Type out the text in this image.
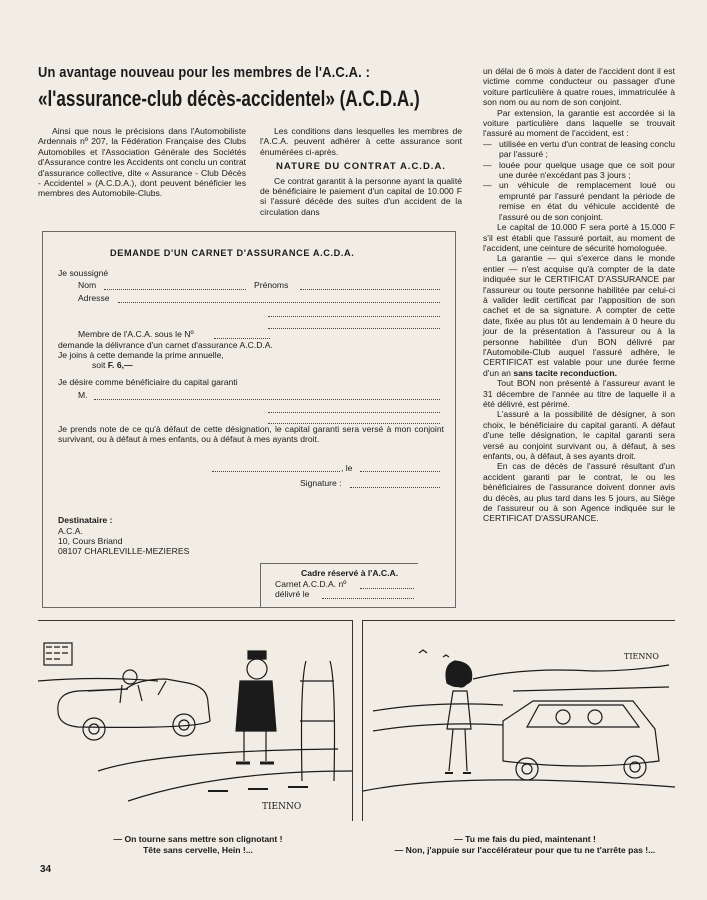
Un avantage nouveau pour les membres de l'A.C.A. :
«l'assurance-club décès-accidentel» (A.C.D.A.)

Ainsi que nous le précisions dans l'Automobiliste Ardennais nº 207, la Fédération Française des Clubs Automobiles et l'Association Générale des Sociétés d'Assurance contre les Accidents ont conclu un contrat d'assurance collective, dite « Assurance - Club Décès - Accidentel » (A.C.D.A.), dont peuvent bénéficier les membres des Automobile-Clubs.

Les conditions dans lesquelles les membres de l'A.C.A. peuvent adhérer à cette assurance sont énumérées ci-après.

NATURE DU CONTRAT A.C.D.A.

Ce contrat garantit à la personne ayant la qualité de bénéficiaire le paiement d'un capital de 10.000 F si l'assuré décède des suites d'un accident de la circulation dans

DEMANDE D'UN CARNET D'ASSURANCE A.C.D.A.
Je soussigné
Nom	Prénoms
Adresse
Membre de l'A.C.A. sous le Nº
demande la délivrance d'un carnet d'assurance A.C.D.A.
Je joins à cette demande la prime annuelle,
soit F. 6,—
Je désire comme bénéficiaire du capital garanti
M.
Je prends note de ce qu'à défaut de cette désignation, le capital garanti sera versé à mon conjoint survivant, ou à défaut à mes enfants, ou à défaut à mes ayants droit.
, le
Signature :
Destinataire :
A.C.A.
10, Cours Briand
08107 CHARLEVILLE-MEZIERES
Cadre réservé à l'A.C.A.
Carnet A.C.D.A. nº
délivré le
un délai de 6 mois à dater de l'accident dont il est victime comme conducteur ou passager d'une voiture particulière à quatre roues, immatriculée à son nom ou au nom de son conjoint.
Par extension, la garantie est accordée si la voiture particulière dans laquelle se trouvait l'assuré au moment de l'accident, est :
— utilisée en vertu d'un contrat de leasing conclu par l'assuré ;
— louée pour quelque usage que ce soit pour une durée n'excédant pas 3 jours ;
— un véhicule de remplacement loué ou emprunté par l'assuré pendant la période de remise en état du véhicule accidenté de l'assuré ou de son conjoint.
Le capital de 10.000 F sera porté à 15.000 F s'il est établi que l'assuré portait, au moment de l'accident, une ceinture de sécurité homologuée.
La garantie — qui s'exerce dans le monde entier — n'est acquise qu'à compter de la date indiquée sur le CERTIFICAT D'ASSURANCE par l'assureur ou toute personne habilitée par celui-ci à valider ledit certificat par l'apposition de son cachet et de sa signature. A compter de cette date, fixée au plus tôt au lendemain à 0 heure du jour de la présentation à l'assureur ou à la personne habilitée d'un BON délivré par l'Automobile-Club auquel l'assuré adhère, le CERTIFICAT est valable pour une durée ferme d'un an sans tacite reconduction.
Tout BON non présenté à l'assureur avant le 31 décembre de l'année au titre de laquelle il a été délivré, est périmé.
L'assuré a la possibilité de désigner, à son choix, le bénéficiaire du capital garanti. A défaut d'une telle désignation, le capital garanti sera versé au conjoint survivant ou, à défaut, à ses enfants, ou, à défaut, à ses ayants droit.
En cas de décès de l'assuré résultant d'un accident garanti par le contrat, le ou les bénéficiaires de l'assurance doivent donner avis du décès, au plus tard dans les 5 jours, au Siège de l'assureur ou à son Agence indiquée sur le CERTIFICAT D'ASSURANCE.
TIENNO
TIENNO
— On tourne sans mettre son clignotant !
Tête sans cervelle, Hein !...
— Tu me fais du pied, maintenant !
— Non, j'appuie sur l'accélérateur pour que tu ne t'arrête pas !...
34
